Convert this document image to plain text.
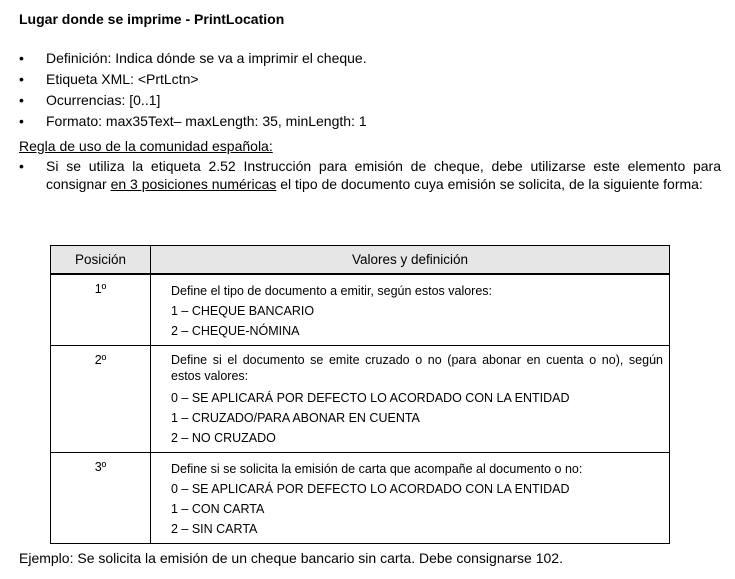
Lugar donde se imprime - PrintLocation
• Definición: Indica dónde se va a imprimir el cheque.
• Etiqueta XML: <PrtLctn>
• Ocurrencias: [0..1]
• Formato: max35Text– maxLength: 35, minLength: 1
Regla de uso de la comunidad española:
• Si se utiliza la etiqueta 2.52 Instrucción para emisión de cheque, debe utilizarse este elemento para consignar en 3 posiciones numéricas el tipo de documento cuya emisión se solicita, de la siguiente forma:
Posición	Valores y definición
1º	Define el tipo de documento a emitir, según estos valores:
1 – CHEQUE BANCARIO
2 – CHEQUE-NÓMINA

2º	Define si el documento se emite cruzado o no (para abonar en cuenta o no), según estos valores:
0 – SE APLICARÁ POR DEFECTO LO ACORDADO CON LA ENTIDAD
1 – CRUZADO/PARA ABONAR EN CUENTA
2 – NO CRUZADO

3º	Define si se solicita la emisión de carta que acompañe al documento o no:
0 – SE APLICARÁ POR DEFECTO LO ACORDADO CON LA ENTIDAD
1 – CON CARTA
2 – SIN CARTA
Ejemplo: Se solicita la emisión de un cheque bancario sin carta. Debe consignarse 102.
